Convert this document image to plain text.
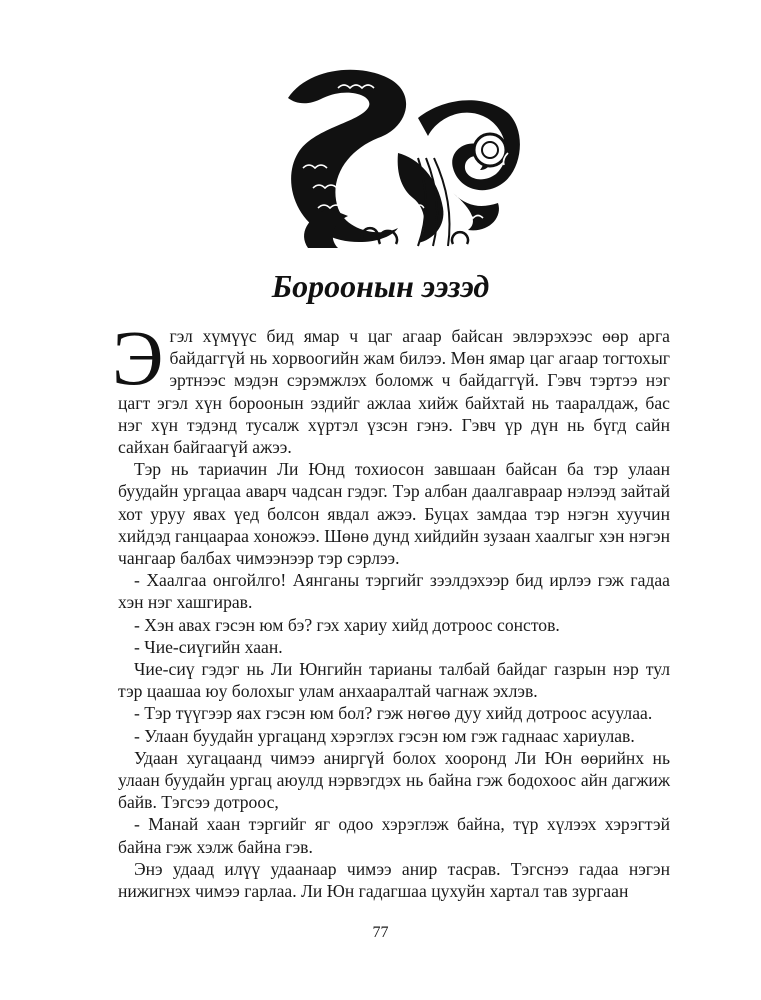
Бороонын ээзэд

Эгэл хүмүүс бид ямар ч цаг агаар байсан эвлэрэхээс өөр арга байдаггүй нь хорвоогийн жам билээ. Мөн ямар цаг агаар тогтохыг эртнээс мэдэн сэрэмжлэх боломж ч байдаггүй. Гэвч тэртээ нэг цагт эгэл хүн бороонын эздийг ажлаа хийж байхтай нь таaралдаж, бас нэг хүн тэдэнд тусалж хүртэл үзсэн гэнэ. Гэвч үр дүн нь бүгд сайн сайхан байгаагүй ажээ.

Тэр нь тариачин Ли Юнд тохиосон завшаан байсан ба тэр улаан буудайн ургацаа аварч чадсан гэдэг. Тэр албан даалгавраар нэлээд зайтай хот уруу явах үед болсон явдал ажээ. Буцах замдаа тэр нэгэн хуучин хийдэд ганцаараа хоножээ. Шөнө дунд хийдийн зузаан хаалгыг хэн нэгэн чангаар балбах чимээнээр тэр сэрлээ.

- Хаалгаа онгойлго! Аянганы тэргийг зээлдэхээр бид ирлээ гэж гадаа хэн нэг хашгирав.

- Хэн авах гэсэн юм бэ? гэх хариу хийд дотроос сонстов.

- Чие-сиүгийн хаан.

Чие-сиү гэдэг нь Ли Юнгийн тарианы талбай байдаг газрын нэр тул тэр цаашаа юу болохыг улам анхааралтай чагнаж эхлэв.

- Тэр түүгээр яах гэсэн юм бол? гэж нөгөө дуу хийд дотроос асуулаа.

- Улаан буудайн ургацанд хэрэглэх гэсэн юм гэж гаднаас хариулав.

Удаан хугацаанд чимээ аниргүй болох хооронд Ли Юн өөрийнх нь улаан буудайн ургац аюулд нэрвэгдэх нь байна гэж бодохоос айн дагжиж байв. Тэгсээ дотроос,

- Манай хаан тэргийг яг одоо хэрэглэж байна, түр хүлээх хэрэгтэй байна гэж хэлж байна гэв.

Энэ удаад илүү удаанаар чимээ анир тасрав. Тэгснээ гадаа нэгэн нижигнэх чимээ гарлаа. Ли Юн гадагшаа цухуйн хартал тав зургаан

77
